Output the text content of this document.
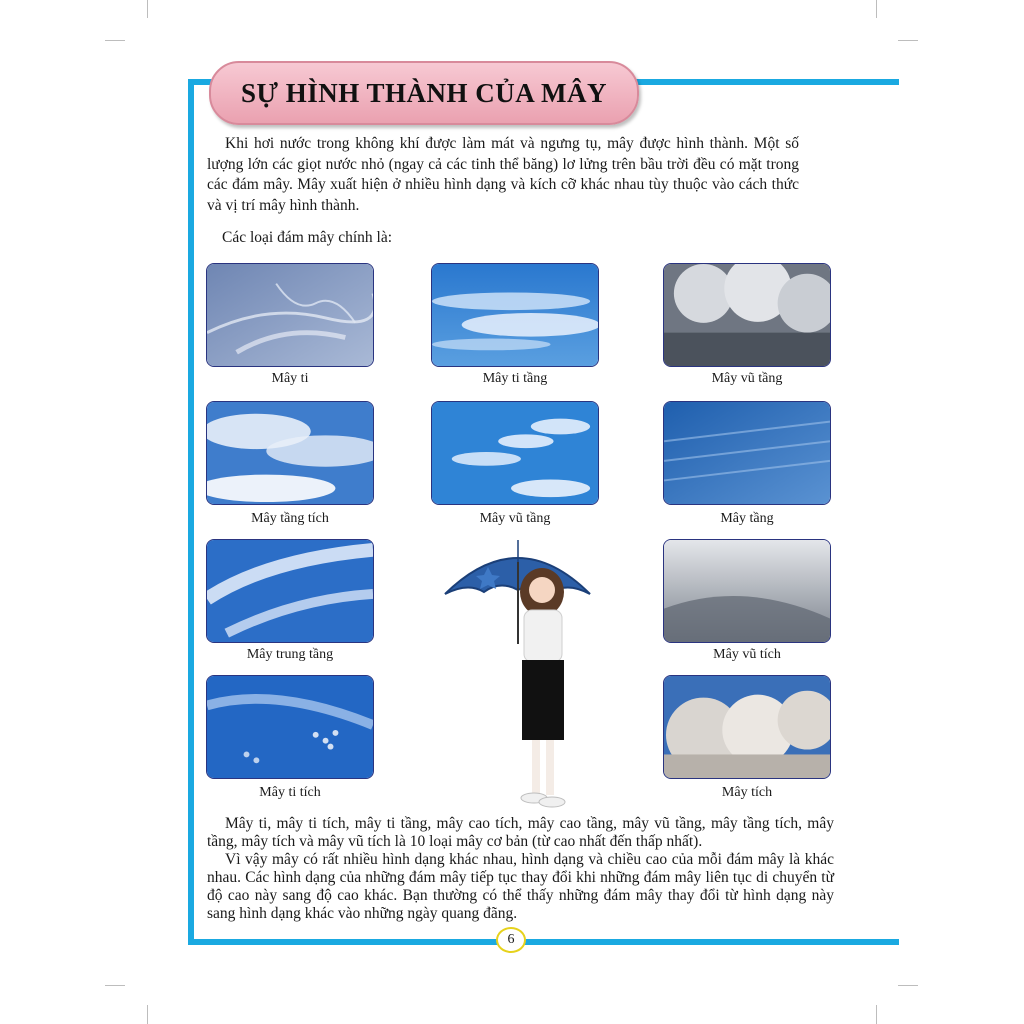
SỰ HÌNH THÀNH CỦA MÂY

Khi hơi nước trong không khí được làm mát và ngưng tụ, mây được hình thành. Một số lượng lớn các giọt nước nhỏ (ngay cả các tinh thể băng) lơ lửng trên bầu trời đều có mặt trong các đám mây. Mây xuất hiện ở nhiều hình dạng và kích cỡ khác nhau tùy thuộc vào cách thức và vị trí mây hình thành.

Các loại đám mây chính là:
Mây ti	Mây ti tầng	Mây vũ tầng
Mây tầng tích	Mây vũ tầng	Mây tầng
Mây trung tầng	Mây vũ tích
Mây ti tích	Mây tích

Mây ti, mây ti tích, mây ti tầng, mây cao tích, mây cao tầng, mây vũ tầng, mây tầng tích, mây tầng, mây tích và mây vũ tích là 10 loại mây cơ bản (từ cao nhất đến thấp nhất).

Vì vậy mây có rất nhiều hình dạng khác nhau, hình dạng và chiều cao của mỗi đám mây là khác nhau. Các hình dạng của những đám mây tiếp tục thay đổi khi những đám mây liên tục di chuyển từ độ cao này sang độ cao khác. Bạn thường có thể thấy những đám mây thay đổi từ hình dạng này sang hình dạng khác vào những ngày quang đãng.

6
